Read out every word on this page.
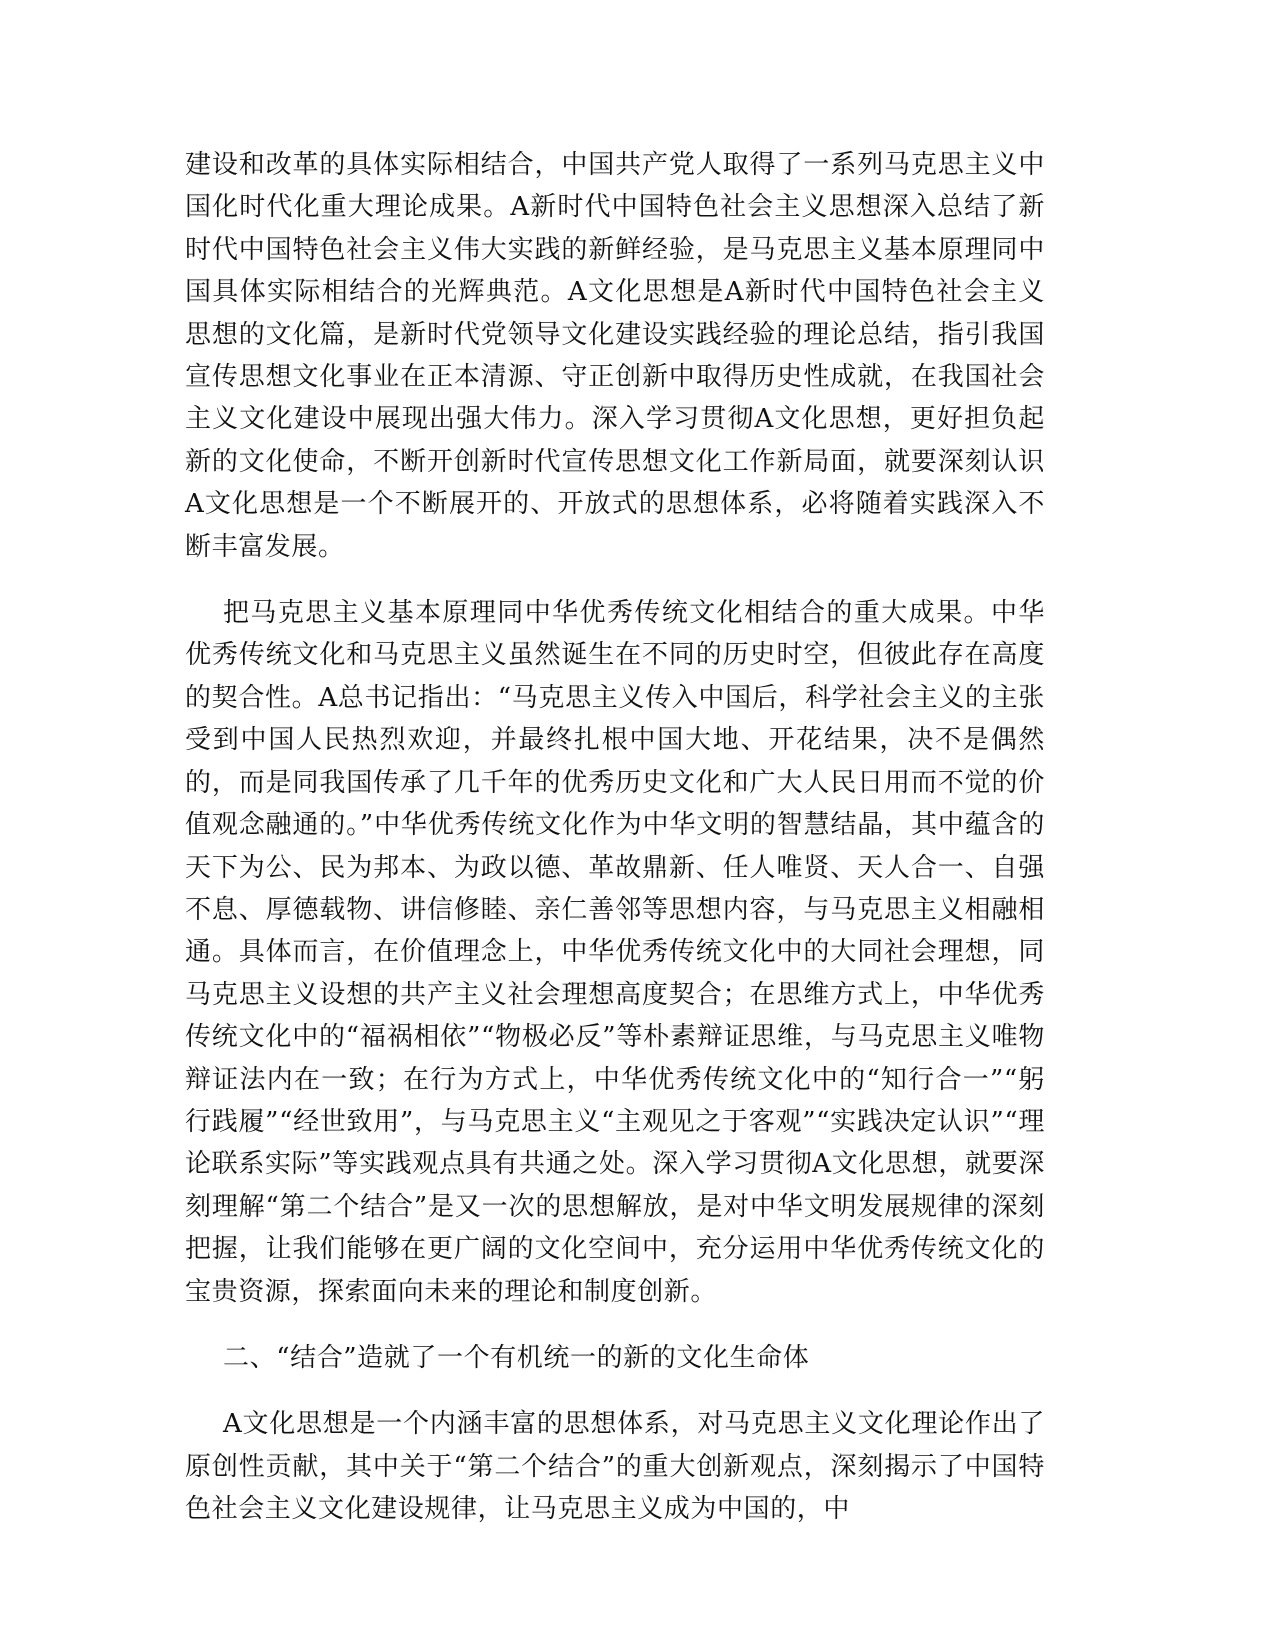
建设和改革的具体实际相结合，中国共产党人取得了一系列马克思主义中国化时代化重大理论成果。A新时代中国特色社会主义思想深入总结了新时代中国特色社会主义伟大实践的新鲜经验，是马克思主义基本原理同中国具体实际相结合的光辉典范。A文化思想是A新时代中国特色社会主义思想的文化篇，是新时代党领导文化建设实践经验的理论总结，指引我国宣传思想文化事业在正本清源、守正创新中取得历史性成就，在我国社会主义文化建设中展现出强大伟力。深入学习贯彻A文化思想，更好担负起新的文化使命，不断开创新时代宣传思想文化工作新局面，就要深刻认识A文化思想是一个不断展开的、开放式的思想体系，必将随着实践深入不断丰富发展。

把马克思主义基本原理同中华优秀传统文化相结合的重大成果。中华优秀传统文化和马克思主义虽然诞生在不同的历史时空，但彼此存在高度的契合性。A总书记指出：“马克思主义传入中国后，科学社会主义的主张受到中国人民热烈欢迎，并最终扎根中国大地、开花结果，决不是偶然的，而是同我国传承了几千年的优秀历史文化和广大人民日用而不觉的价值观念融通的。”中华优秀传统文化作为中华文明的智慧结晶，其中蕴含的天下为公、民为邦本、为政以德、革故鼎新、任人唯贤、天人合一、自强不息、厚德载物、讲信修睦、亲仁善邻等思想内容，与马克思主义相融相通。具体而言，在价值理念上，中华优秀传统文化中的大同社会理想，同马克思主义设想的共产主义社会理想高度契合；在思维方式上，中华优秀传统文化中的“福祸相依”“物极必反”等朴素辩证思维，与马克思主义唯物辩证法内在一致；在行为方式上，中华优秀传统文化中的“知行合一”“躬行践履”“经世致用”，与马克思主义“主观见之于客观”“实践决定认识”“理论联系实际”等实践观点具有共通之处。深入学习贯彻A文化思想，就要深刻理解“第二个结合”是又一次的思想解放，是对中华文明发展规律的深刻把握，让我们能够在更广阔的文化空间中，充分运用中华优秀传统文化的宝贵资源，探索面向未来的理论和制度创新。

二、“结合”造就了一个有机统一的新的文化生命体

A文化思想是一个内涵丰富的思想体系，对马克思主义文化理论作出了原创性贡献，其中关于“第二个结合”的重大创新观点，深刻揭示了中国特色社会主义文化建设规律，让马克思主义成为中国的，中
